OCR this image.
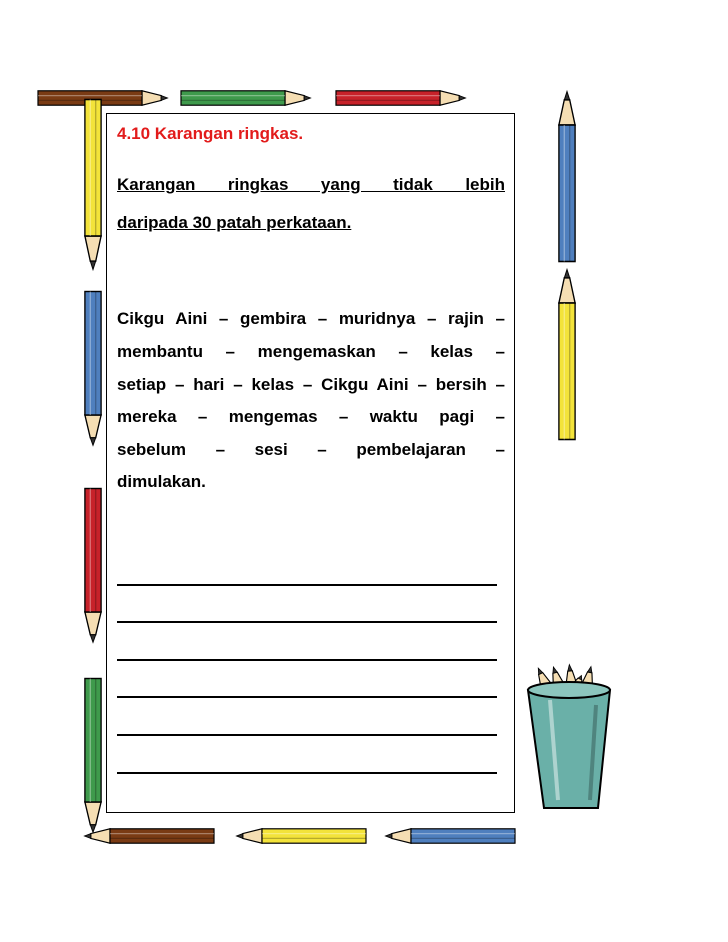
4.10 Karangan ringkas.
Karangan ringkas yang tidak lebih
daripada 30 patah perkataan.
Cikgu Aini – gembira – muridnya – rajin –
membantu – mengemaskan – kelas –
setiap – hari – kelas – Cikgu Aini – bersih –
mereka – mengemas – waktu pagi –
sebelum – sesi – pembelajaran –
dimulakan.
